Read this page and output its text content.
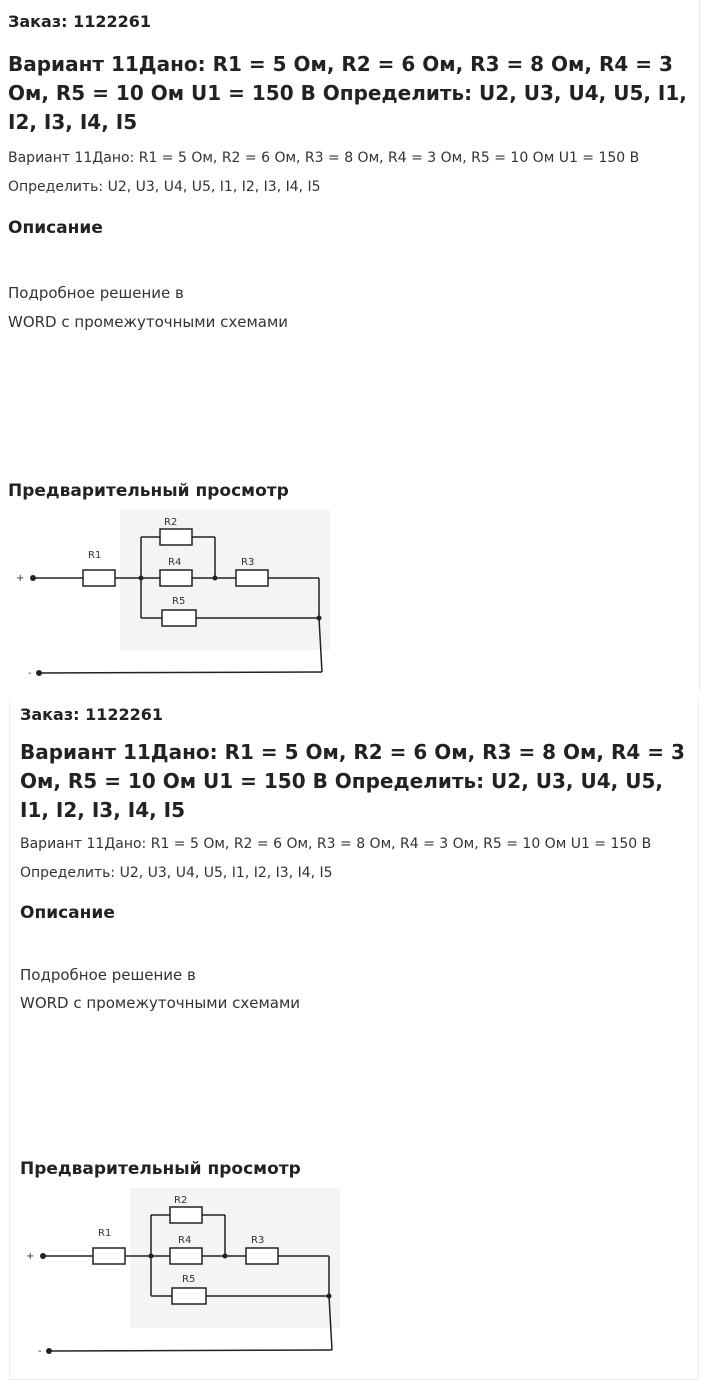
Заказ: 1122261

Вариант 11Дано: R1 = 5 Ом, R2 = 6 Ом, R3 = 8 Ом, R4 = 3 Ом, R5 = 10 Ом U1 = 150 В Определить: U2, U3, U4, U5, I1, I2, I3, I4, I5

Вариант 11Дано: R1 = 5 Ом, R2 = 6 Ом, R3 = 8 Ом, R4 = 3 Ом, R5 = 10 Ом U1 = 150 В Определить: U2, U3, U4, U5, I1, I2, I3, I4, I5

Описание

Подробное решение в

WORD с промежуточными схемами

Предварительный просмотр

R1
R2
R4	R3
R5
+
-

Заказ: 1122261

Вариант 11Дано: R1 = 5 Ом, R2 = 6 Ом, R3 = 8 Ом, R4 = 3 Ом, R5 = 10 Ом U1 = 150 В Определить: U2, U3, U4, U5, I1, I2, I3, I4, I5

Вариант 11Дано: R1 = 5 Ом, R2 = 6 Ом, R3 = 8 Ом, R4 = 3 Ом, R5 = 10 Ом U1 = 150 В Определить: U2, U3, U4, U5, I1, I2, I3, I4, I5

Описание

Подробное решение в

WORD с промежуточными схемами

Предварительный просмотр

R1
R2
R4	R3
R5
+
-
